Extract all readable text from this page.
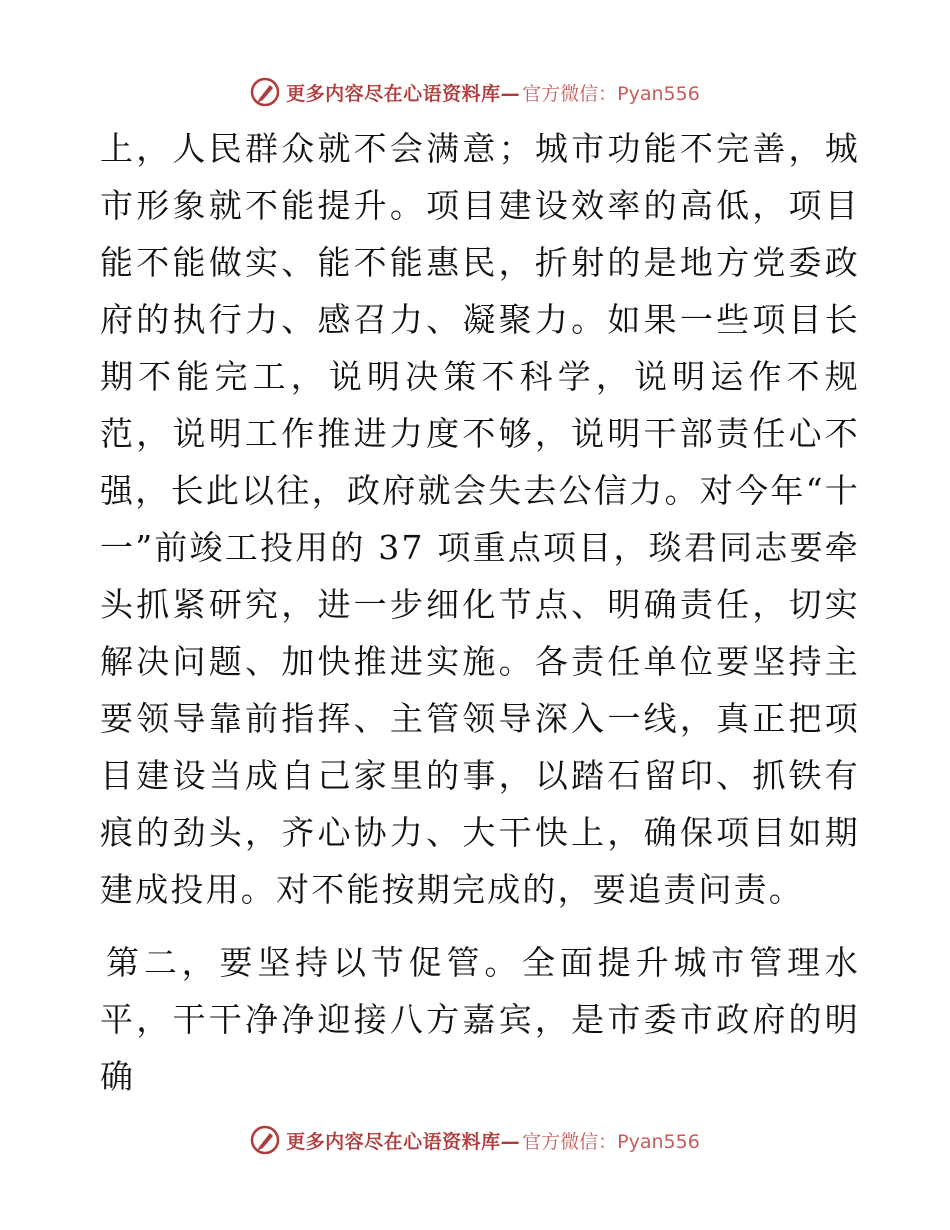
更多内容尽在心语资料库— 官方微信：Pyan556

上，人民群众就不会满意；城市功能不完善，城市形象就不能提升。项目建设效率的高低，项目能不能做实、能不能惠民，折射的是地方党委政府的执行力、感召力、凝聚力。如果一些项目长期不能完工，说明决策不科学，说明运作不规范，说明工作推进力度不够，说明干部责任心不强，长此以往，政府就会失去公信力。对今年“十一”前竣工投用的 37 项重点项目，琰君同志要牵头抓紧研究，进一步细化节点、明确责任，切实解决问题、加快推进实施。各责任单位要坚持主要领导靠前指挥、主管领导深入一线，真正把项目建设当成自己家里的事，以踏石留印、抓铁有痕的劲头，齐心协力、大干快上，确保项目如期建成投用。对不能按期完成的，要追责问责。

第二，要坚持以节促管。全面提升城市管理水平，干干净净迎接八方嘉宾，是市委市政府的明确

更多内容尽在心语资料库— 官方微信：Pyan556
